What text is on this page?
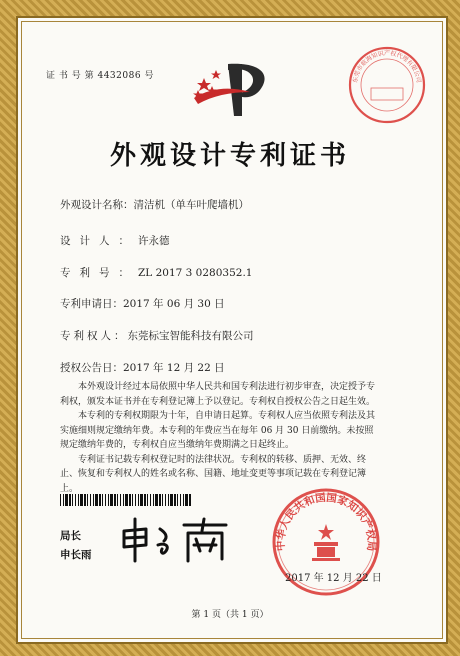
证 书 号 第 4432086 号	东莞市航海知识产权代理有限公司
外观设计专利证书
外观设计名称：清洁机（单车叶爬墙机）
设计人：许永德
专利号：ZL 2017 3 0280352.1
专利申请日：2017 年 06 月 30 日
专利权人：东莞标宝智能科技有限公司
授权公告日：2017 年 12 月 22 日

本外观设计经过本局依照中华人民共和国专利法进行初步审查，决定授予专利权，颁发本证书并在专利登记簿上予以登记。专利权自授权公告之日起生效。

本专利的专利权期限为十年，自申请日起算。专利权人应当依照专利法及其实施细则规定缴纳年费。本专利的年费应当在每年 06 月 30 日前缴纳。未按照规定缴纳年费的，专利权自应当缴纳年费期满之日起终止。

专利证书记载专利权登记时的法律状况。专利权的转移、质押、无效、终止、恢复和专利权人的姓名或名称、国籍、地址变更等事项记载在专利登记簿上。

局长
申长雨
中华人民共和国国家知识产权局
2017 年 12 月 22 日
第 1 页（共 1 页）
